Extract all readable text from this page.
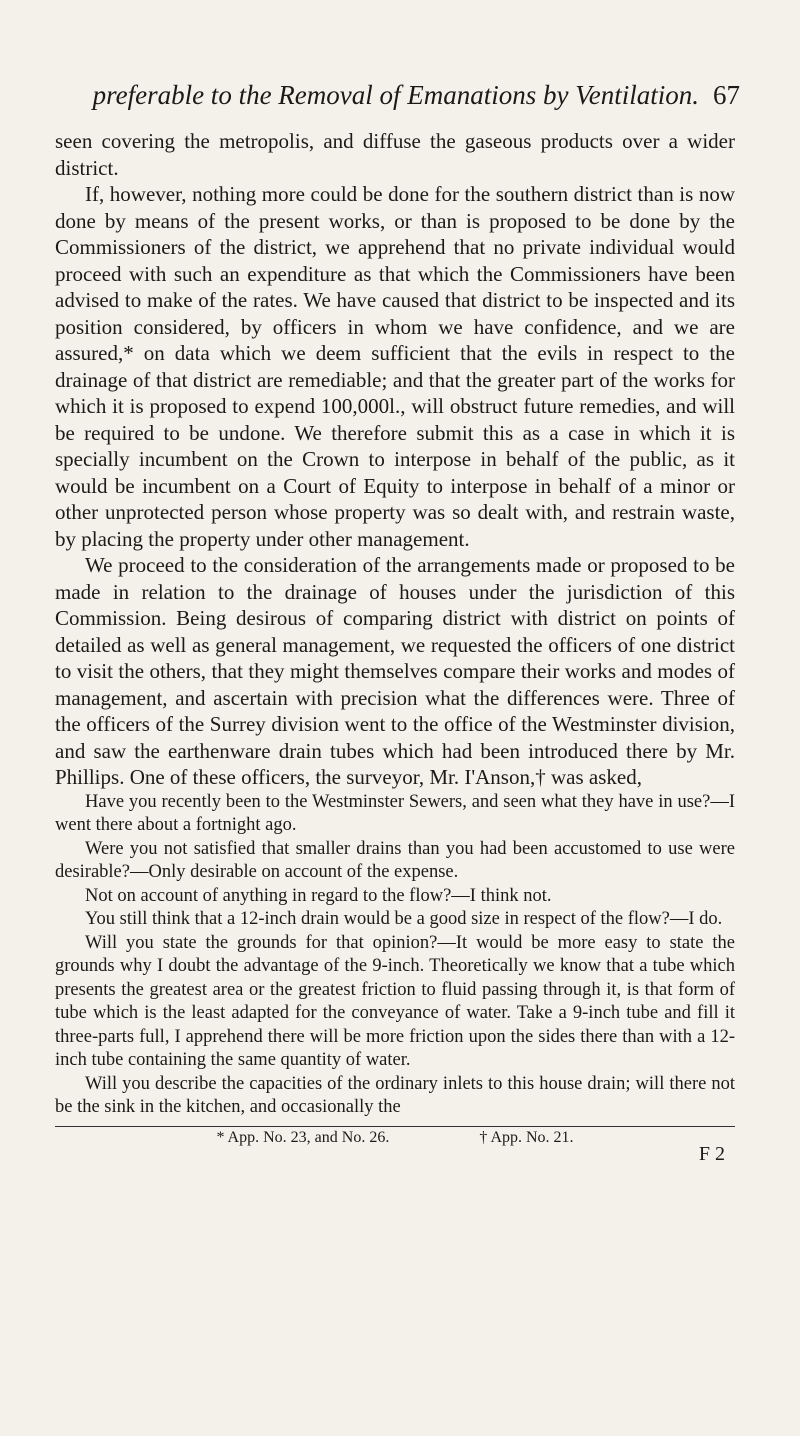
preferable to the Removal of Emanations by Ventilation. 67

seen covering the metropolis, and diffuse the gaseous products over a wider district.

If, however, nothing more could be done for the southern district than is now done by means of the present works, or than is proposed to be done by the Commissioners of the district, we apprehend that no private individual would proceed with such an expenditure as that which the Commissioners have been advised to make of the rates. We have caused that district to be inspected and its position considered, by officers in whom we have confidence, and we are assured,* on data which we deem sufficient that the evils in respect to the drainage of that district are remediable; and that the greater part of the works for which it is proposed to expend 100,000l., will obstruct future remedies, and will be required to be undone. We therefore submit this as a case in which it is specially incumbent on the Crown to interpose in behalf of the public, as it would be incumbent on a Court of Equity to interpose in behalf of a minor or other unprotected person whose property was so dealt with, and restrain waste, by placing the property under other management.

We proceed to the consideration of the arrangements made or proposed to be made in relation to the drainage of houses under the jurisdiction of this Commission. Being desirous of comparing district with district on points of detailed as well as general management, we requested the officers of one district to visit the others, that they might themselves compare their works and modes of management, and ascertain with precision what the differences were. Three of the officers of the Surrey division went to the office of the Westminster division, and saw the earthenware drain tubes which had been introduced there by Mr. Phillips. One of these officers, the surveyor, Mr. I'Anson,† was asked,

Have you recently been to the Westminster Sewers, and seen what they have in use?—I went there about a fortnight ago.

Were you not satisfied that smaller drains than you had been accustomed to use were desirable?—Only desirable on account of the expense.

Not on account of anything in regard to the flow?—I think not.

You still think that a 12-inch drain would be a good size in respect of the flow?—I do.

Will you state the grounds for that opinion?—It would be more easy to state the grounds why I doubt the advantage of the 9-inch. Theoretically we know that a tube which presents the greatest area or the greatest friction to fluid passing through it, is that form of tube which is the least adapted for the conveyance of water. Take a 9-inch tube and fill it three-parts full, I apprehend there will be more friction upon the sides there than with a 12-inch tube containing the same quantity of water.

Will you describe the capacities of the ordinary inlets to this house drain; will there not be the sink in the kitchen, and occasionally the

* App. No. 23, and No. 26.	† App. No. 21.
F 2
